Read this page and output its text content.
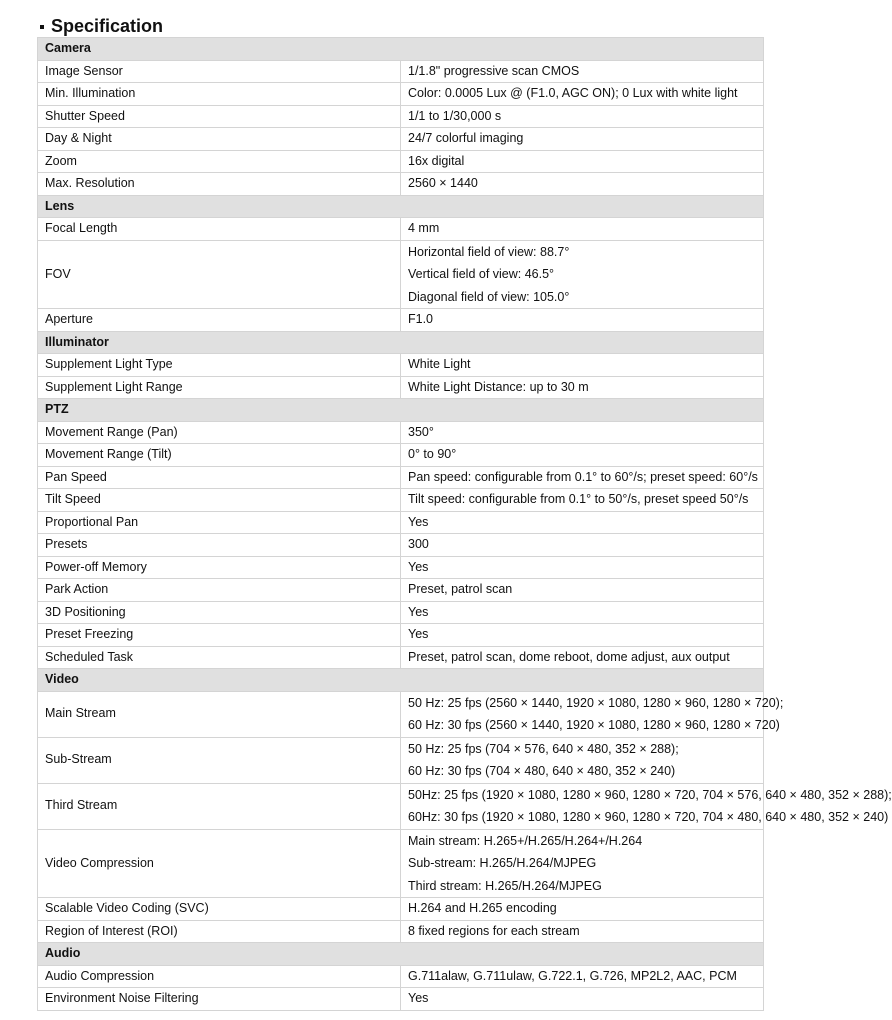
Specification
Camera	
Image Sensor	1/1.8" progressive scan CMOS
Min. Illumination	Color: 0.0005 Lux @ (F1.0, AGC ON); 0 Lux with white light
Shutter Speed	1/1 to 1/30,000 s
Day & Night	24/7 colorful imaging
Zoom	16x digital
Max. Resolution	2560 × 1440
Lens	
Focal Length	4 mm
FOV	Horizontal field of view: 88.7°
Vertical field of view: 46.5°
Diagonal field of view: 105.0°

Aperture	F1.0
Illuminator	
Supplement Light Type	White Light
Supplement Light Range	White Light Distance: up to 30 m
PTZ	
Movement Range (Pan)	350°
Movement Range (Tilt)	0° to 90°
Pan Speed	Pan speed: configurable from 0.1° to 60°/s; preset speed: 60°/s
Tilt Speed	Tilt speed: configurable from 0.1° to 50°/s, preset speed 50°/s
Proportional Pan	Yes
Presets	300
Power-off Memory	Yes
Park Action	Preset, patrol scan
3D Positioning	Yes
Preset Freezing	Yes
Scheduled Task	Preset, patrol scan, dome reboot, dome adjust, aux output
Video	
Main Stream	50 Hz: 25 fps (2560 × 1440, 1920 × 1080, 1280 × 960, 1280 × 720);
60 Hz: 30 fps (2560 × 1440, 1920 × 1080, 1280 × 960, 1280 × 720)

Sub-Stream	50 Hz: 25 fps (704 × 576, 640 × 480, 352 × 288);
60 Hz: 30 fps (704 × 480, 640 × 480, 352 × 240)

Third Stream	50Hz: 25 fps (1920 × 1080, 1280 × 960, 1280 × 720, 704 × 576, 640 × 480, 352 × 288);
60Hz: 30 fps (1920 × 1080, 1280 × 960, 1280 × 720, 704 × 480, 640 × 480, 352 × 240)

Video Compression	Main stream: H.265+/H.265/H.264+/H.264
Sub-stream: H.265/H.264/MJPEG
Third stream: H.265/H.264/MJPEG

Scalable Video Coding (SVC)	H.264 and H.265 encoding
Region of Interest (ROI)	8 fixed regions for each stream
Audio	
Audio Compression	G.711alaw, G.711ulaw, G.722.1, G.726, MP2L2, AAC, PCM
Environment Noise Filtering	Yes
